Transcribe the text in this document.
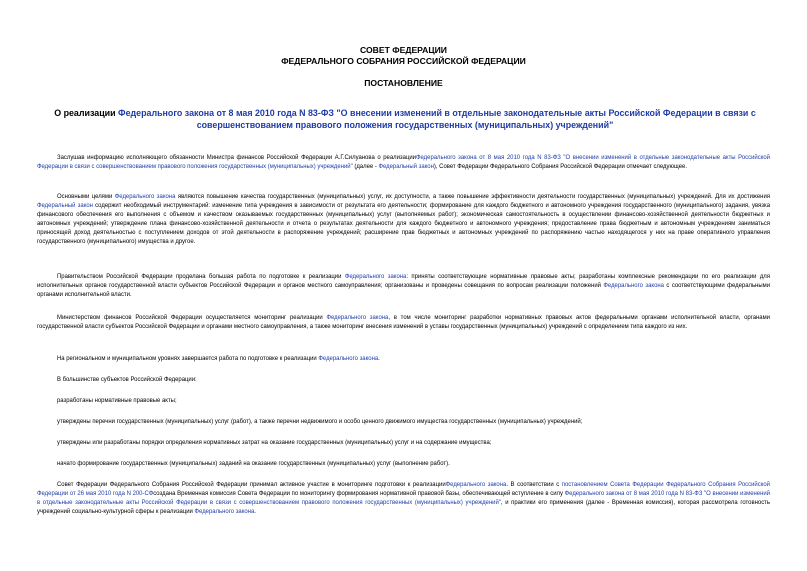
СОВЕТ ФЕДЕРАЦИИ
ФЕДЕРАЛЬНОГО СОБРАНИЯ РОССИЙСКОЙ ФЕДЕРАЦИИ
ПОСТАНОВЛЕНИЕ
О реализации Федерального закона от 8 мая 2010 года N 83-ФЗ "О внесении изменений в отдельные законодательные акты Российской Федерации в связи с совершенствованием правового положения государственных (муниципальных) учреждений"
Заслушав информацию исполняющего обязанности Министра финансов Российской Федерации А.Г.Силуанова о реализацииФедерального закона от 8 мая 2010 года N 83-ФЗ "О внесении изменений в отдельные законодательные акты Российской Федерации в связи с совершенствованием правового положения государственных (муниципальных) учреждений" (далее - Федеральный закон), Совет Федерации Федерального Собрания Российской Федерации отмечает следующее.
Основными целями Федерального закона являются повышение качества государственных (муниципальных) услуг, их доступности, а также повышение эффективности деятельности государственных (муниципальных) учреждений. Для их достижения Федеральный закон содержит необходимый инструментарий: изменение типа учреждения в зависимости от результата его деятельности; формирование для каждого бюджетного и автономного учреждения государственного (муниципального) задания, увязка финансового обеспечения его выполнения с объемом и качеством оказываемых государственных (муниципальных) услуг (выполняемых работ); экономическая самостоятельность в осуществлении финансово-хозяйственной деятельности бюджетных и автономных учреждений; утверждение плана финансово-хозяйственной деятельности и отчета о результатах деятельности для каждого бюджетного и автономного учреждения; предоставление права бюджетным и автономным учреждениям заниматься приносящей доход деятельностью с поступлением доходов от этой деятельности в распоряжение учреждений; расширение прав бюджетных и автономных учреждений по распоряжению частью находящегося у них на праве оперативного управления государственного (муниципального) имущества и другое.
Правительством Российской Федерации проделана большая работа по подготовке к реализации Федерального закона: приняты соответствующие нормативные правовые акты; разработаны комплексные рекомендации по его реализации для исполнительных органов государственной власти субъектов Российской Федерации и органов местного самоуправления; организованы и проведены совещания по вопросам реализации положений Федерального закона с соответствующими федеральными органами исполнительной власти.
Министерством финансов Российской Федерации осуществляется мониторинг реализации Федерального закона, в том числе мониторинг разработки нормативных правовых актов федеральными органами исполнительной власти, органами государственной власти субъектов Российской Федерации и органами местного самоуправления, а также мониторинг внесения изменений в уставы государственных (муниципальных) учреждений с определением типа каждого из них.
На региональном и муниципальном уровнях завершается работа по подготовке к реализации Федерального закона.
В большинстве субъектов Российской Федерации:
разработаны нормативные правовые акты;
утверждены перечни государственных (муниципальных) услуг (работ), а также перечни недвижимого и особо ценного движимого имущества государственных (муниципальных) учреждений;
утверждены или разработаны порядки определения нормативных затрат на оказание государственных (муниципальных) услуг и на содержание имущества;
начато формирование государственных (муниципальных) заданий на оказание государственных (муниципальных) услуг (выполнение работ).
Совет Федерации Федерального Собрания Российской Федерации принимал активное участие в мониторинге подготовки к реализацииФедерального закона. В соответствии с постановлением Совета Федерации Федерального Собрания Российской Федерации от 26 мая 2010 года N 200-СФсоздана Временная комиссия Совета Федерации по мониторингу формирования нормативной правовой базы, обеспечивающей вступление в силу Федерального закона от 8 мая 2010 года N 83-ФЗ "О внесении изменений в отдельные законодательные акты Российской Федерации в связи с совершенствованием правового положения государственных (муниципальных) учреждений", и практики его применения (далее - Временная комиссия), которая рассмотрела готовность учреждений социально-культурной сферы к реализации Федерального закона.
